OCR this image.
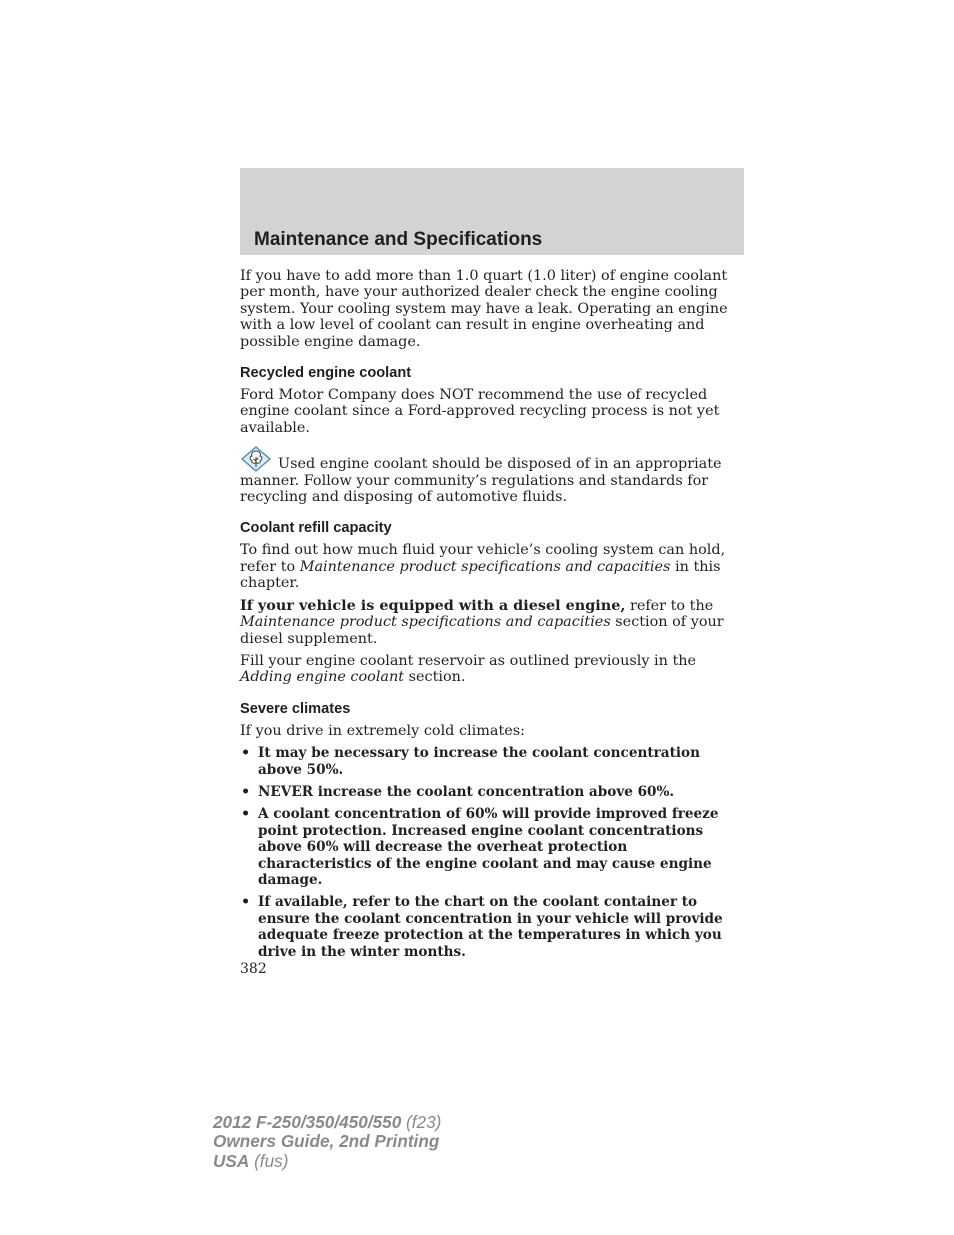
Maintenance and Specifications

If you have to add more than 1.0 quart (1.0 liter) of engine coolant per month, have your authorized dealer check the engine cooling system. Your cooling system may have a leak. Operating an engine with a low level of coolant can result in engine overheating and possible engine damage.

Recycled engine coolant

Ford Motor Company does NOT recommend the use of recycled engine coolant since a Ford-approved recycling process is not yet available.

Used engine coolant should be disposed of in an appropriate manner. Follow your community’s regulations and standards for recycling and disposing of automotive fluids.

Coolant refill capacity

To find out how much fluid your vehicle’s cooling system can hold, refer to Maintenance product specifications and capacities in this chapter.

If your vehicle is equipped with a diesel engine, refer to the Maintenance product specifications and capacities section of your diesel supplement.

Fill your engine coolant reservoir as outlined previously in the Adding engine coolant section.

Severe climates

If you drive in extremely cold climates:

• It may be necessary to increase the coolant concentration above 50%.
• NEVER increase the coolant concentration above 60%.
• A coolant concentration of 60% will provide improved freeze point protection. Increased engine coolant concentrations above 60% will decrease the overheat protection characteristics of the engine coolant and may cause engine damage.
• If available, refer to the chart on the coolant container to ensure the coolant concentration in your vehicle will provide adequate freeze protection at the temperatures in which you drive in the winter months.
382
2012 F-250/350/450/550 (f23)
Owners Guide, 2nd Printing
USA (fus)
